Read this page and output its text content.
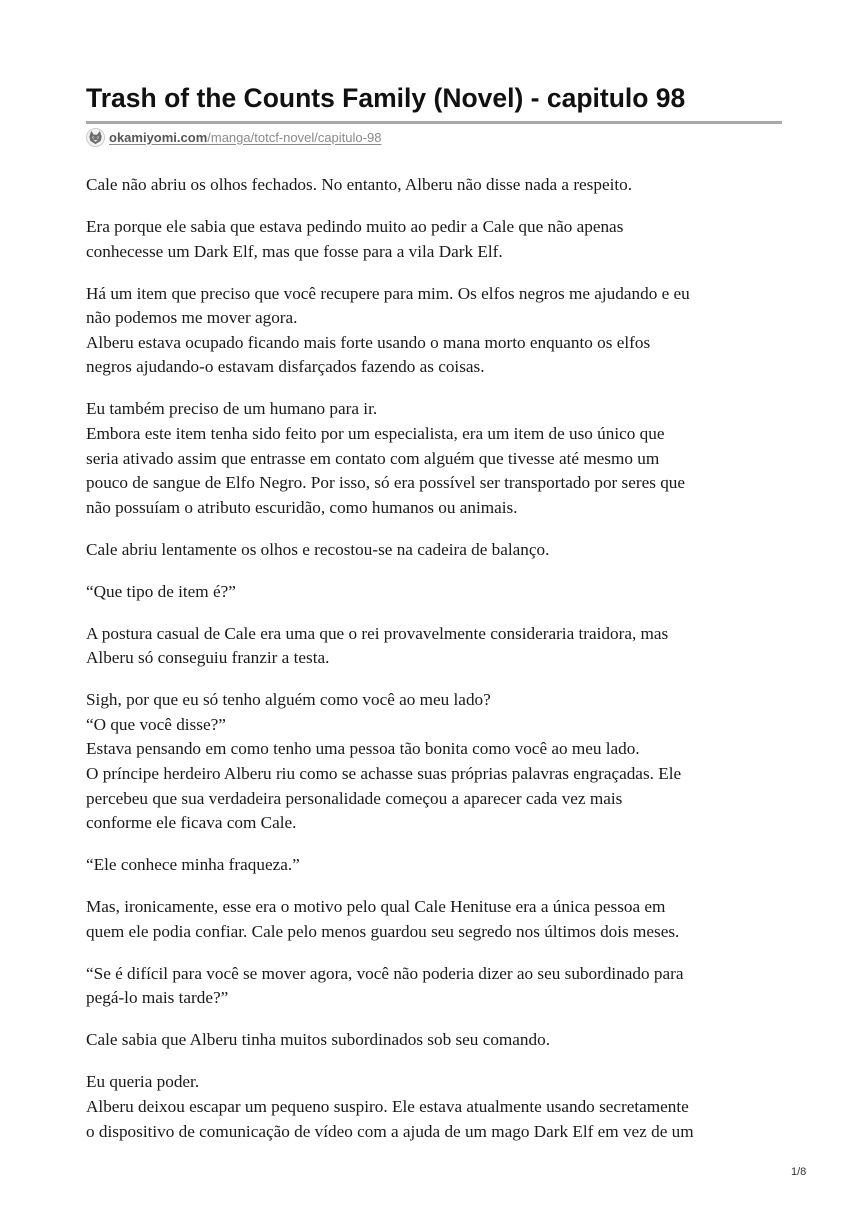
Trash of the Counts Family (Novel) - capitulo 98
okamiyomi.com/manga/totcf-novel/capitulo-98

Cale não abriu os olhos fechados. No entanto, Alberu não disse nada a respeito.

Era porque ele sabia que estava pedindo muito ao pedir a Cale que não apenas
conhecesse um Dark Elf, mas que fosse para a vila Dark Elf.

Há um item que preciso que você recupere para mim. Os elfos negros me ajudando e eu
não podemos me mover agora.
Alberu estava ocupado ficando mais forte usando o mana morto enquanto os elfos
negros ajudando-o estavam disfarçados fazendo as coisas.

Eu também preciso de um humano para ir.
Embora este item tenha sido feito por um especialista, era um item de uso único que
seria ativado assim que entrasse em contato com alguém que tivesse até mesmo um
pouco de sangue de Elfo Negro. Por isso, só era possível ser transportado por seres que
não possuíam o atributo escuridão, como humanos ou animais.

Cale abriu lentamente os olhos e recostou-se na cadeira de balanço.

“Que tipo de item é?”

A postura casual de Cale era uma que o rei provavelmente consideraria traidora, mas
Alberu só conseguiu franzir a testa.

Sigh, por que eu só tenho alguém como você ao meu lado?
“O que você disse?”
Estava pensando em como tenho uma pessoa tão bonita como você ao meu lado.
O príncipe herdeiro Alberu riu como se achasse suas próprias palavras engraçadas. Ele
percebeu que sua verdadeira personalidade começou a aparecer cada vez mais
conforme ele ficava com Cale.

“Ele conhece minha fraqueza.”

Mas, ironicamente, esse era o motivo pelo qual Cale Henituse era a única pessoa em
quem ele podia confiar. Cale pelo menos guardou seu segredo nos últimos dois meses.

“Se é difícil para você se mover agora, você não poderia dizer ao seu subordinado para
pegá-lo mais tarde?”

Cale sabia que Alberu tinha muitos subordinados sob seu comando.

Eu queria poder.
Alberu deixou escapar um pequeno suspiro. Ele estava atualmente usando secretamente
o dispositivo de comunicação de vídeo com a ajuda de um mago Dark Elf em vez de um

1/8
